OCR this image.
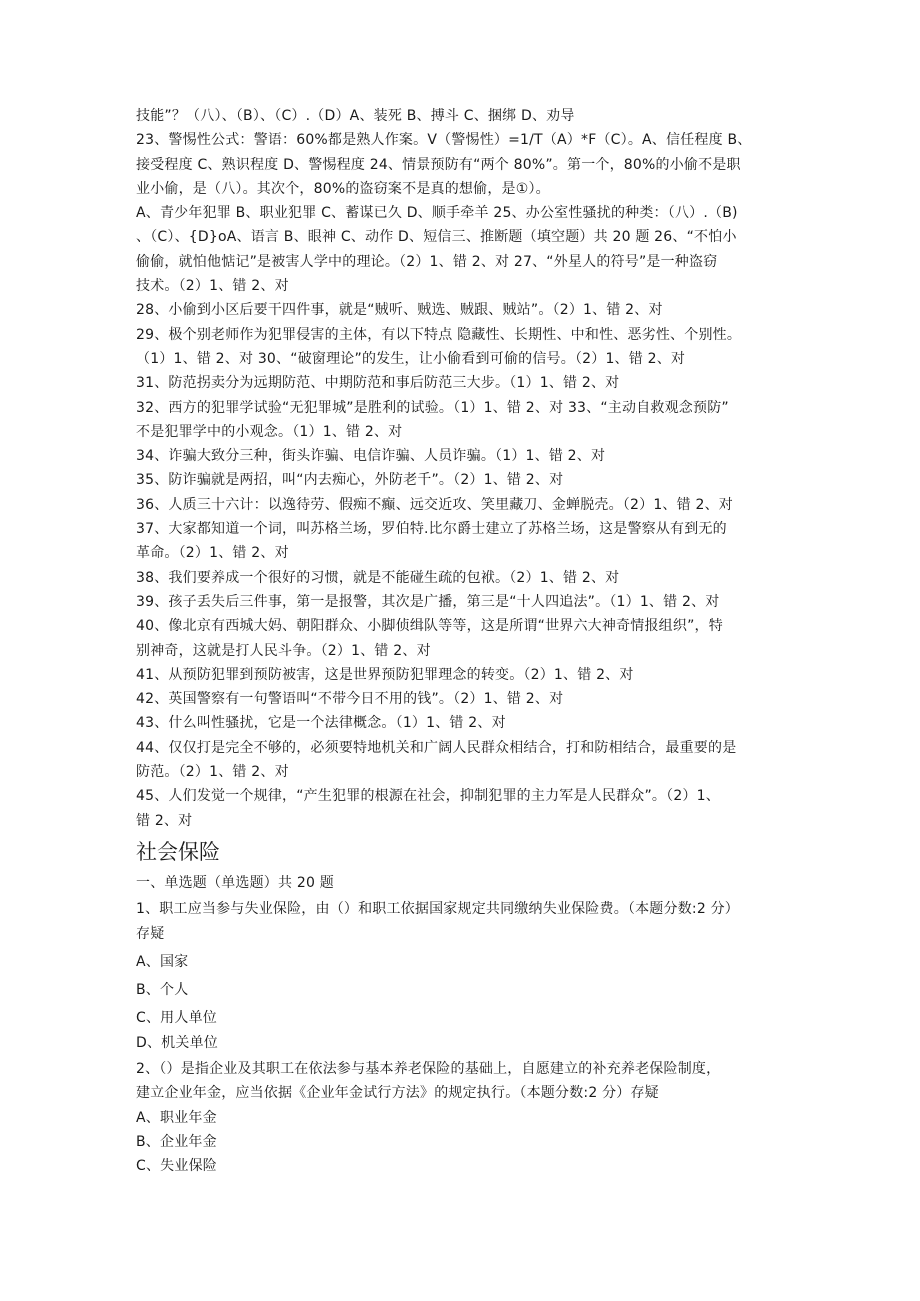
技能”？（八）、（B）、（C）.（D）A、装死 B、搏斗 C、捆绑 D、劝导
23、警惕性公式：警语：60%都是熟人作案。V（警惕性）=1/T（A）*F（C）。A、信任程度 B、
接受程度 C、熟识程度 D、警惕程度 24、情景预防有“两个 80%”。第一个，80%的小偷不是职
业小偷，是（八）。其次个，80%的盗窃案不是真的想偷，是①）。
A、青少年犯罪 B、职业犯罪 C、蓄谋已久 D、顺手牵羊 25、办公室性骚扰的种类：（八）.（B)
、（C）、{D}oA、语言 B、眼神 C、动作 D、短信三、推断题（填空题）共 20 题 26、“不怕小
偷偷，就怕他惦记”是被害人学中的理论。（2）1、错 2、对 27、“外星人的符号”是一种盗窃
技术。（2）1、错 2、对
28、小偷到小区后要干四件事，就是“贼听、贼选、贼跟、贼站”。（2）1、错 2、对
29、极个别老师作为犯罪侵害的主体，有以下特点 隐藏性、长期性、中和性、恶劣性、个别性。
（1）1、错 2、对 30、“破窗理论”的发生，让小偷看到可偷的信号。（2）1、错 2、对
31、防范拐卖分为远期防范、中期防范和事后防范三大步。（1）1、错 2、对
32、西方的犯罪学试验“无犯罪城”是胜利的试验。（1）1、错 2、对 33、“主动自救观念预防”
不是犯罪学中的小观念。（1）1、错 2、对
34、诈骗大致分三种，街头诈骗、电信诈骗、人员诈骗。（1）1、错 2、对
35、防诈骗就是两招，叫“内去痴心，外防老千”。（2）1、错 2、对
36、人质三十六计：以逸待劳、假痴不癫、远交近攻、笑里藏刀、金蝉脱壳。（2）1、错 2、对
37、大家都知道一个词，叫苏格兰场，罗伯特.比尔爵士建立了苏格兰场，这是警察从有到无的
革命。（2）1、错 2、对
38、我们要养成一个很好的习惯，就是不能碰生疏的包袱。（2）1、错 2、对
39、孩子丢失后三件事，第一是报警，其次是广播，第三是“十人四追法”。（1）1、错 2、对
40、像北京有西城大妈、朝阳群众、小脚侦缉队等等，这是所谓“世界六大神奇情报组织”，特
别神奇，这就是打人民斗争。（2）1、错 2、对
41、从预防犯罪到预防被害，这是世界预防犯罪理念的转变。（2）1、错 2、对
42、英国警察有一句警语叫“不带今日不用的钱”。（2）1、错 2、对
43、什么叫性骚扰，它是一个法律概念。（1）1、错 2、对
44、仅仅打是完全不够的，必须要特地机关和广阔人民群众相结合，打和防相结合，最重要的是
防范。（2）1、错 2、对
45、人们发觉一个规律，“产生犯罪的根源在社会，抑制犯罪的主力军是人民群众”。（2）1、
错 2、对
社会保险
一、单选题（单选题）共 20 题
1、职工应当参与失业保险，由（）和职工依据国家规定共同缴纳失业保险费。（本题分数:2 分）
存疑
A、国家
B、个人
C、用人单位
D、机关单位
2、（）是指企业及其职工在依法参与基本养老保险的基础上，自愿建立的补充养老保险制度，
建立企业年金，应当依据《企业年金试行方法》的规定执行。（本题分数:2 分）存疑
A、职业年金
B、企业年金
C、失业保险
